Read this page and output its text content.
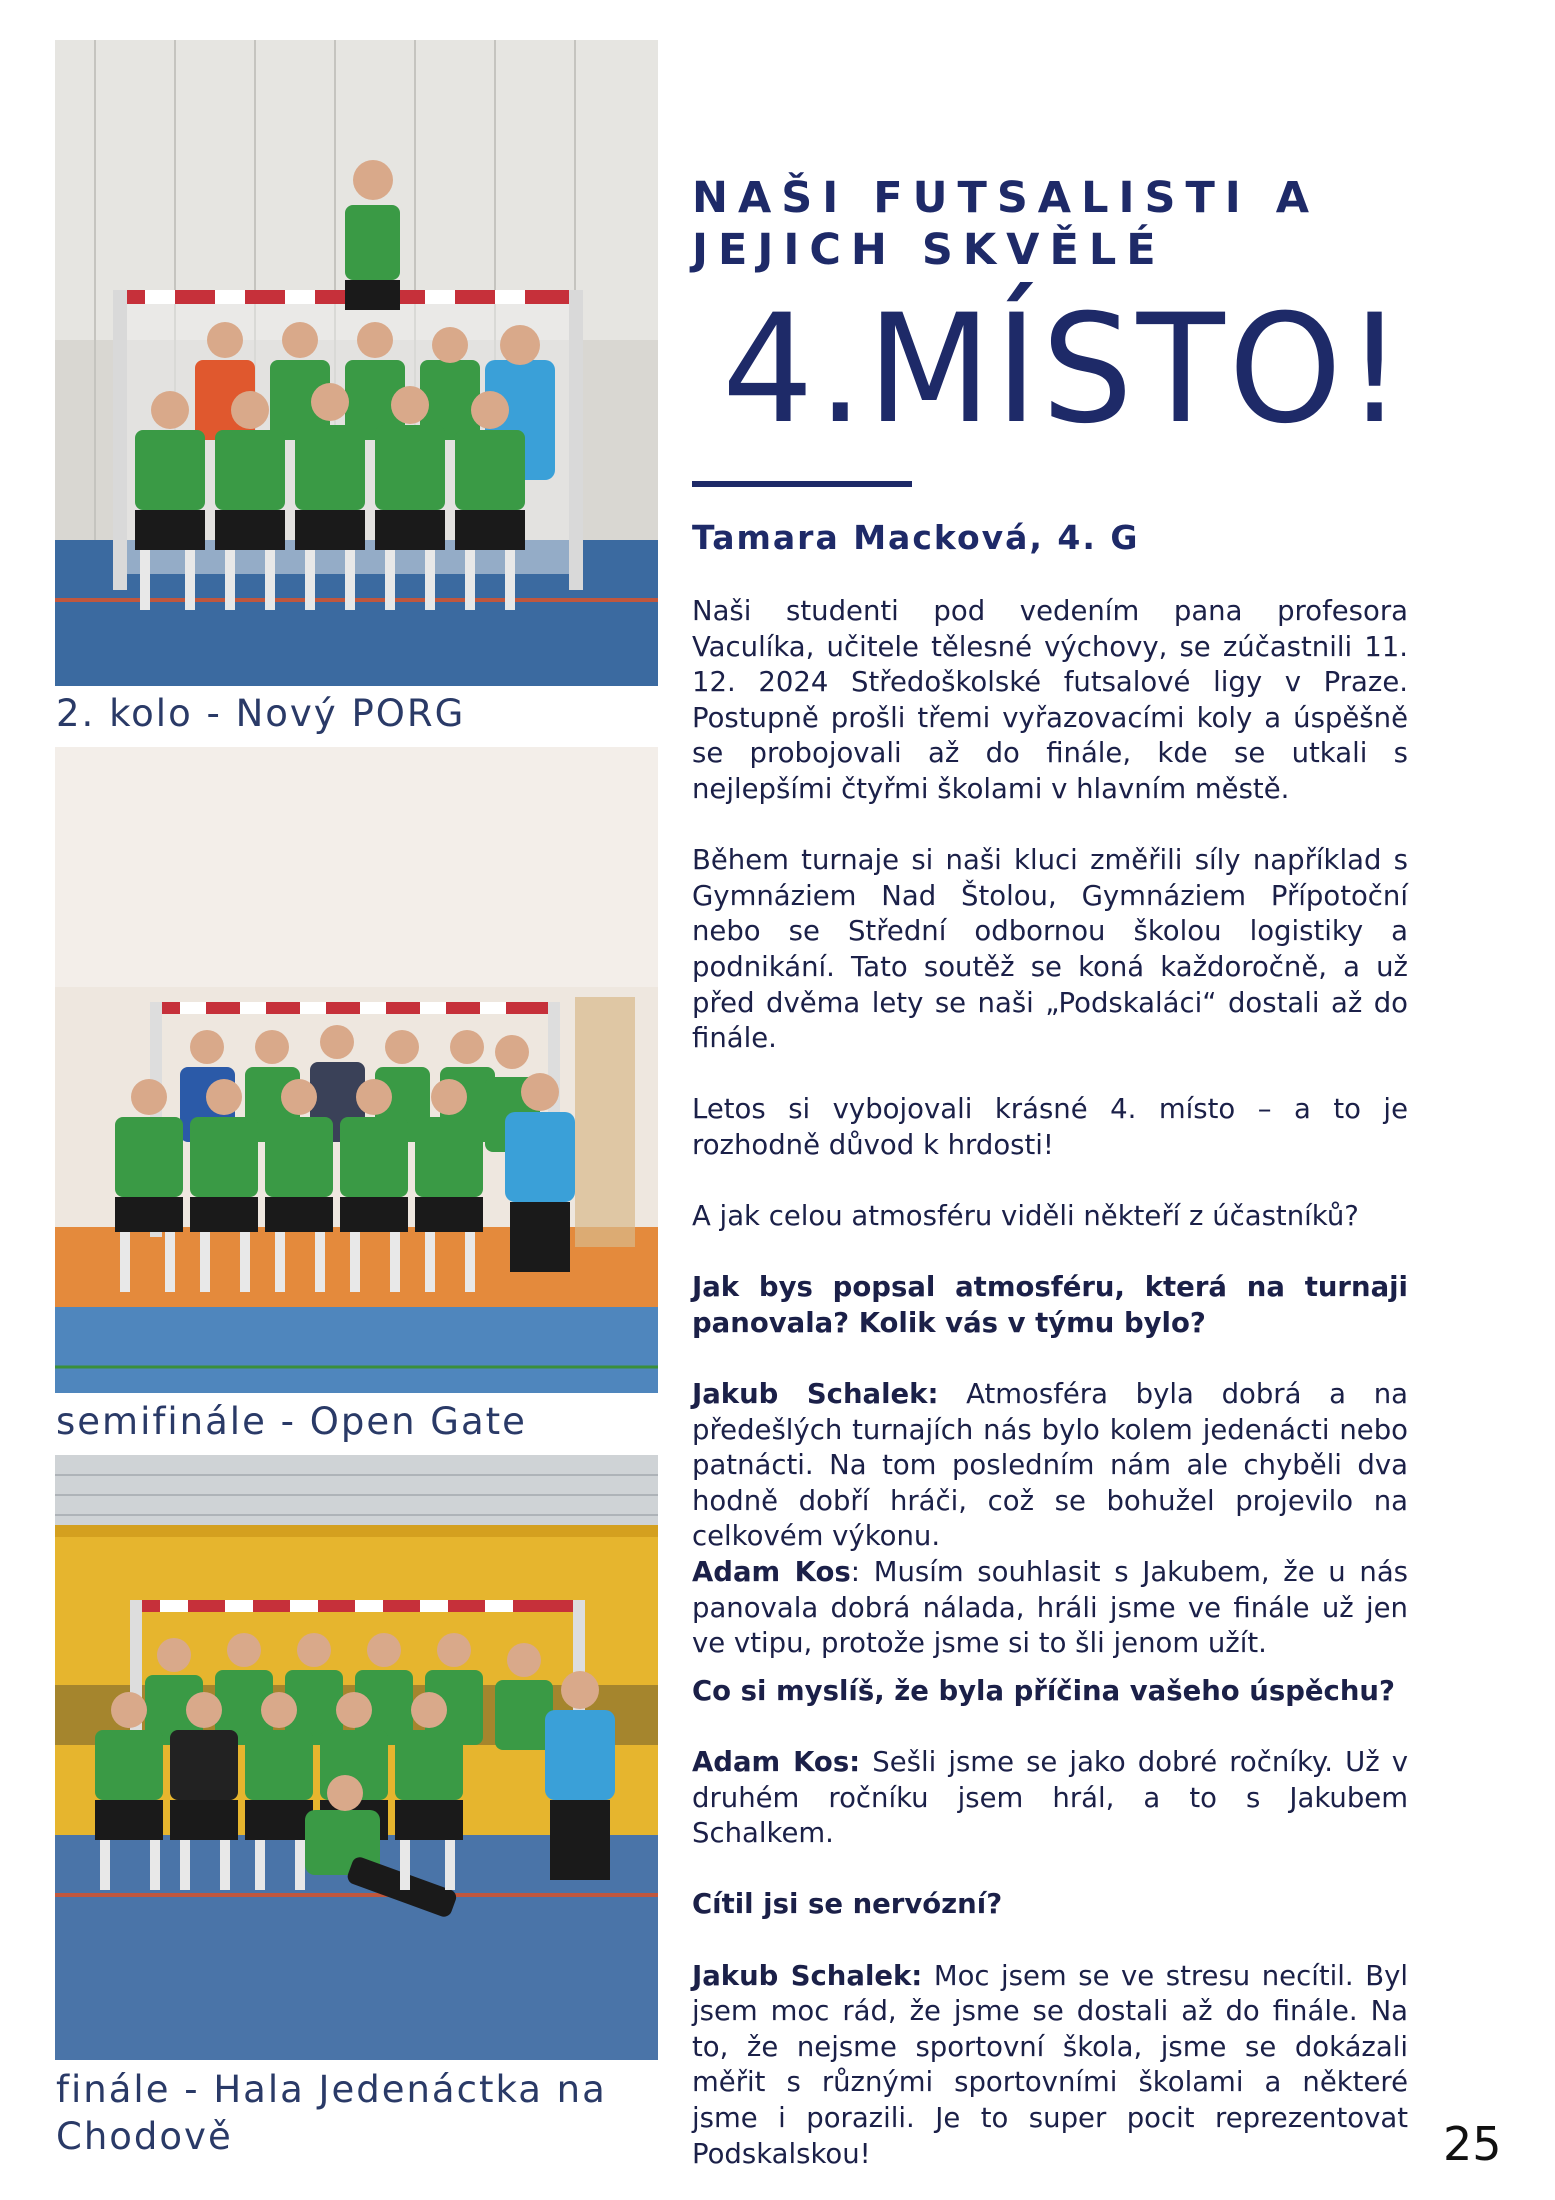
2. kolo - Nový PORG
semifinále - Open Gate
finále - Hala Jedenáctka na Chodově
NAŠI FUTSALISTI A JEJICH SKVĚLÉ
4.MÍSTO!
Tamara Macková, 4. G

Naši studenti pod vedením pana profesora Vaculíka, učitele tělesné výchovy, se zúčastnili 11. 12. 2024 Středoškolské futsalové ligy v Praze. Postupně prošli třemi vyřazovacími koly a úspěšně se probojovali až do finále, kde se utkali s nejlepšími čtyřmi školami v hlavním městě.

Během turnaje si naši kluci změřili síly například s Gymnáziem Nad Štolou, Gymnáziem Přípotoční nebo se Střední odbornou školou logistiky a podnikání. Tato soutěž se koná každoročně, a už před dvěma lety se naši „Podskaláci“ dostali až do finále.

Letos si vybojovali krásné 4. místo – a to je rozhodně důvod k hrdosti!

A jak celou atmosféru viděli někteří z účastníků?

Jak bys popsal atmosféru, která na turnaji panovala? Kolik vás v týmu bylo?

Jakub Schalek: Atmosféra byla dobrá a na předešlých turnajích nás bylo kolem jedenácti nebo patnácti. Na tom posledním nám ale chyběli dva hodně dobří hráči, což se bohužel projevilo na celkovém výkonu.

Adam Kos: Musím souhlasit s Jakubem, že u nás panovala dobrá nálada, hráli jsme ve finále už jen ve vtipu, protože jsme si to šli jenom užít.

Co si myslíš, že byla příčina vašeho úspěchu?

Adam Kos: Sešli jsme se jako dobré ročníky. Už v druhém ročníku jsem hrál, a to s Jakubem Schalkem.

Cítil jsi se nervózní?

Jakub Schalek: Moc jsem se ve stresu necítil. Byl jsem moc rád, že jsme se dostali až do finále. Na to, že nejsme sportovní škola, jsme se dokázali měřit s různými sportovními školami a některé jsme i porazili. Je to super pocit reprezentovat Podskalskou!	25
